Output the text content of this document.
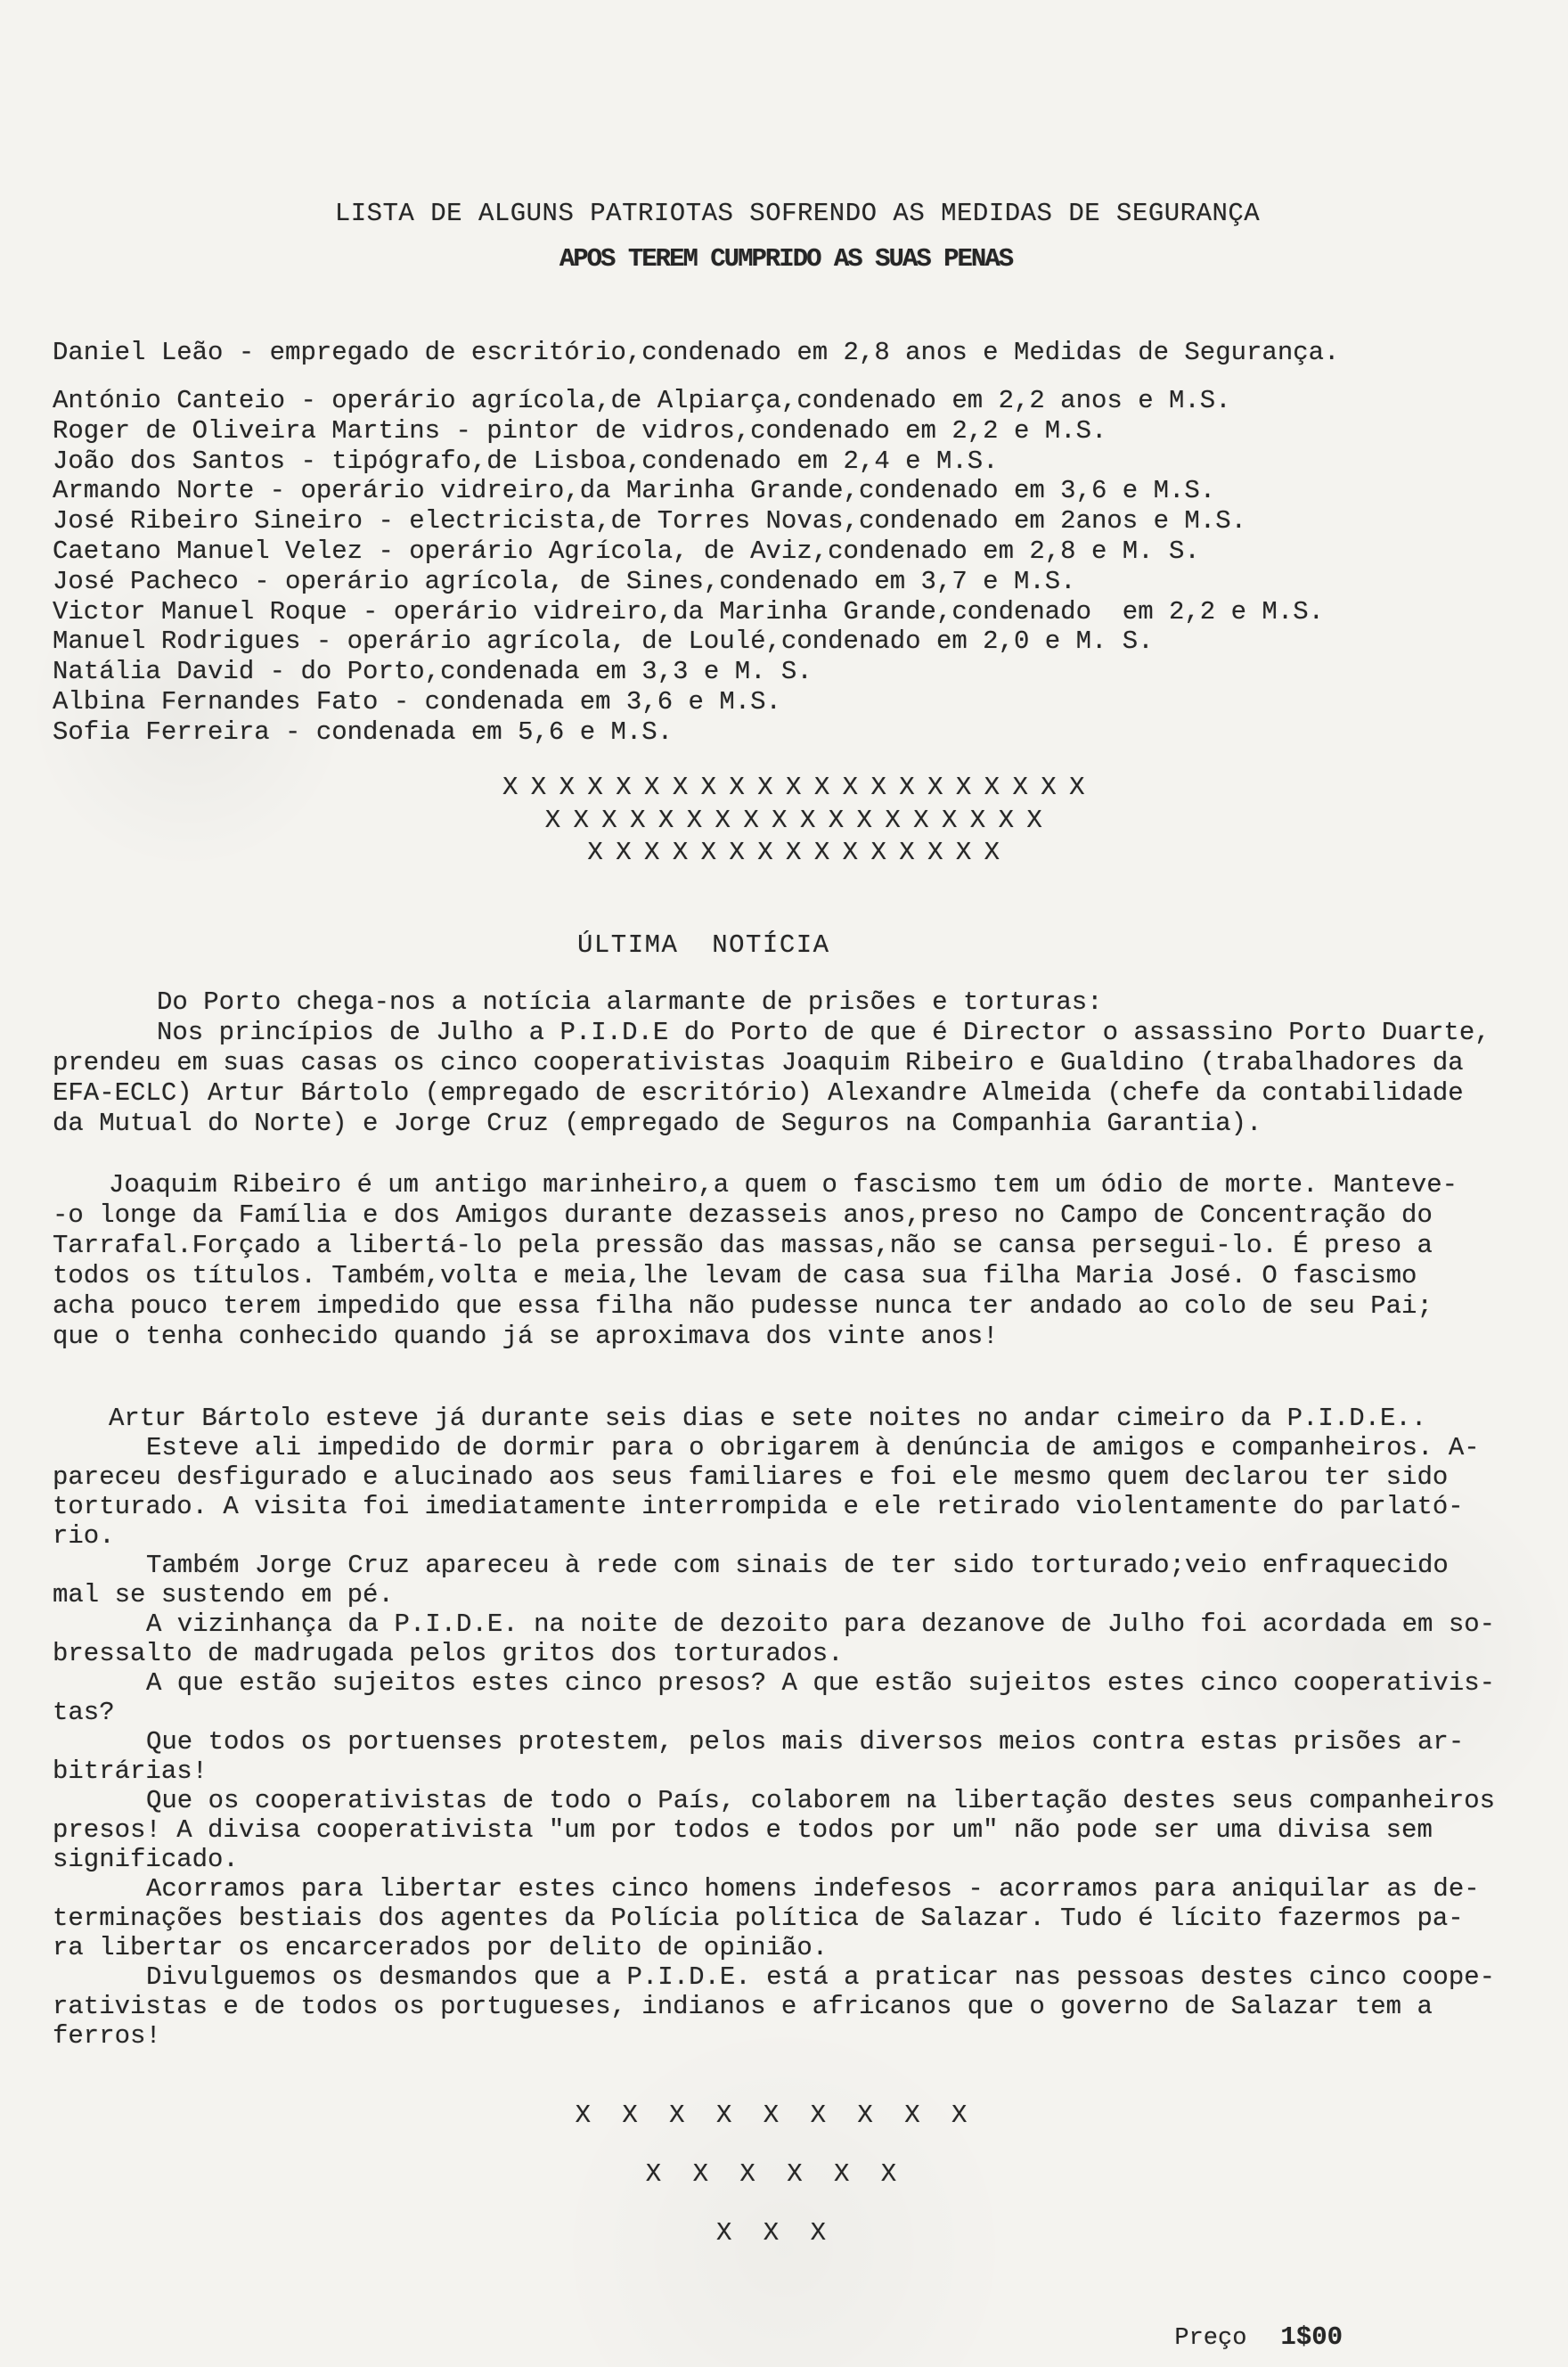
LISTA DE ALGUNS PATRIOTAS SOFRENDO AS MEDIDAS DE SEGURANÇA
APOS TEREM CUMPRIDO AS SUAS PENAS
Daniel Leão - empregado de escritório,condenado em 2,8 anos e Medidas de Segurança.
António Canteio - operário agrícola,de Alpiarça,condenado em 2,2 anos e M.S.
Roger de Oliveira Martins - pintor de vidros,condenado em 2,2 e M.S.
João dos Santos - tipógrafo,de Lisboa,condenado em 2,4 e M.S.
Armando Norte - operário vidreiro,da Marinha Grande,condenado em 3,6 e M.S.
José Ribeiro Sineiro - electricista,de Torres Novas,condenado em 2anos e M.S.
Caetano Manuel Velez - operário Agrícola, de Aviz,condenado em 2,8 e M. S.
José Pacheco - operário agrícola, de Sines,condenado em 3,7 e M.S.
Victor Manuel Roque - operário vidreiro,da Marinha Grande,condenado  em 2,2 e M.S.
Manuel Rodrigues - operário agrícola, de Loulé,condenado em 2,0 e M. S.
Natália David - do Porto,condenada em 3,3 e M. S.
Albina Fernandes Fato - condenada em 3,6 e M.S.
Sofia Ferreira - condenada em 5,6 e M.S.
X X X X X X X X X X X X X X X X X X X X X
X X X X X X X X X X X X X X X X X X
X X X X X X X X X X X X X X X
ÚLTIMA  NOTÍCIA
Do Porto chega-nos a notícia alarmante de prisões e torturas:
Nos princípios de Julho a P.I.D.E do Porto de que é Director o assassino Porto Duarte,
prendeu em suas casas os cinco cooperativistas Joaquim Ribeiro e Gualdino (trabalhadores da
EFA-ECLC) Artur Bártolo (empregado de escritório) Alexandre Almeida (chefe da contabilidade
da Mutual do Norte) e Jorge Cruz (empregado de Seguros na Companhia Garantia).
Joaquim Ribeiro é um antigo marinheiro,a quem o fascismo tem um ódio de morte. Manteve-
-o longe da Família e dos Amigos durante dezasseis anos,preso no Campo de Concentração do
Tarrafal.Forçado a libertá-lo pela pressão das massas,não se cansa persegui-lo. É preso a
todos os títulos. Também,volta e meia,lhe levam de casa sua filha Maria José. O fascismo
acha pouco terem impedido que essa filha não pudesse nunca ter andado ao colo de seu Pai;
que o tenha conhecido quando já se aproximava dos vinte anos!
Artur Bártolo esteve já durante seis dias e sete noites no andar cimeiro da P.I.D.E..
Esteve ali impedido de dormir para o obrigarem à denúncia de amigos e companheiros. A-
pareceu desfigurado e alucinado aos seus familiares e foi ele mesmo quem declarou ter sido
torturado. A visita foi imediatamente interrompida e ele retirado violentamente do parlató-
rio.
Também Jorge Cruz apareceu à rede com sinais de ter sido torturado;veio enfraquecido
mal se sustendo em pé.
A vizinhança da P.I.D.E. na noite de dezoito para dezanove de Julho foi acordada em so-
bressalto de madrugada pelos gritos dos torturados.
A que estão sujeitos estes cinco presos? A que estão sujeitos estes cinco cooperativis-
tas?
Que todos os portuenses protestem, pelos mais diversos meios contra estas prisões ar-
bitrárias!
Que os cooperativistas de todo o País, colaborem na libertação destes seus companheiros
presos! A divisa cooperativista "um por todos e todos por um" não pode ser uma divisa sem
significado.
Acorramos para libertar estes cinco homens indefesos - acorramos para aniquilar as de-
terminações bestiais dos agentes da Polícia política de Salazar. Tudo é lícito fazermos pa-
ra libertar os encarcerados por delito de opinião.
Divulguemos os desmandos que a P.I.D.E. está a praticar nas pessoas destes cinco coope-
rativistas e de todos os portugueses, indianos e africanos que o governo de Salazar tem a
ferros!
X X X X X X X X X
X X X X X X
X X X

Preço 1$00
